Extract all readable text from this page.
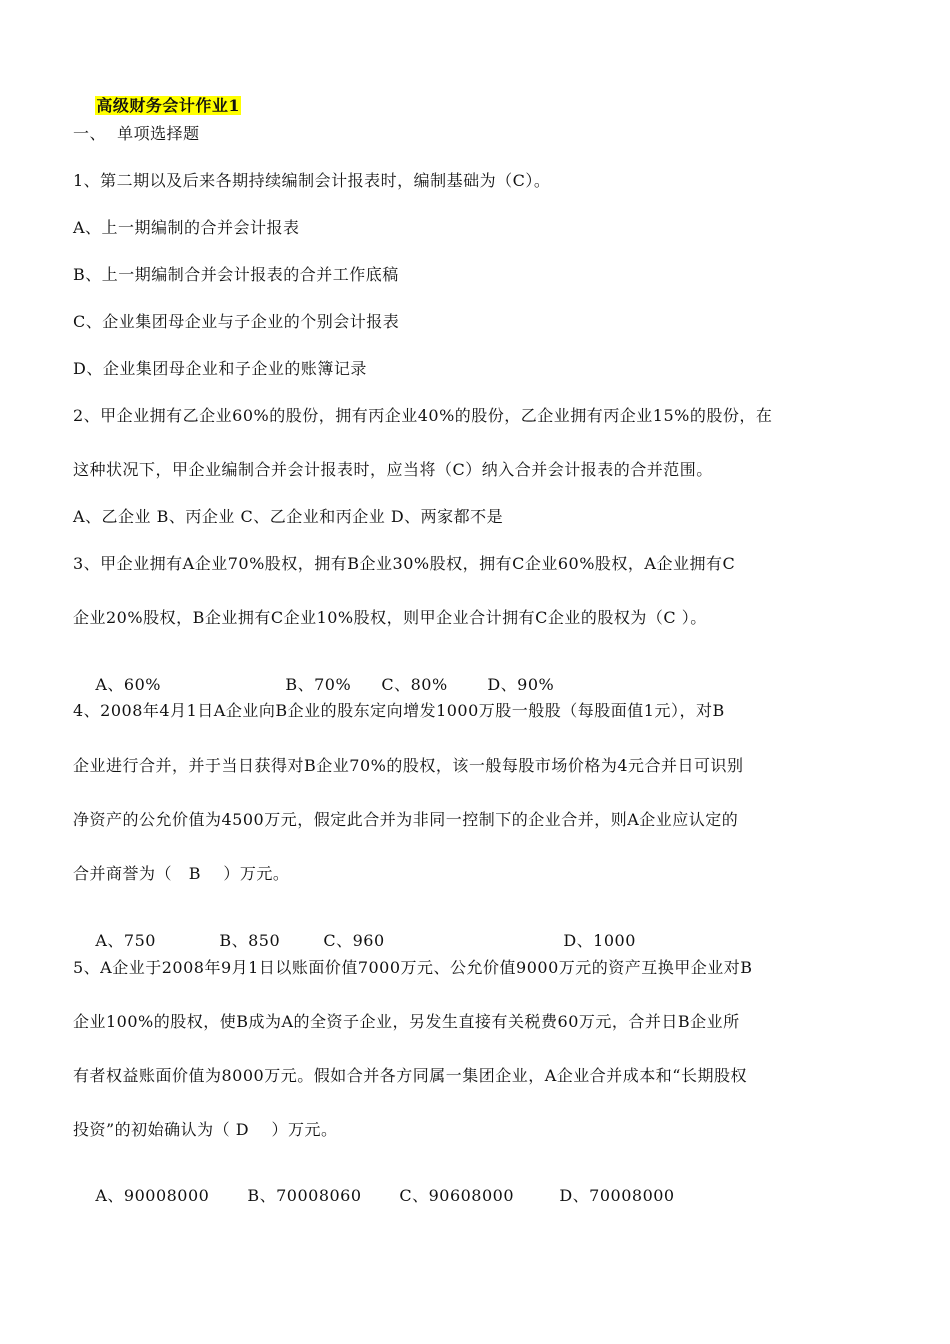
高级财务会计作业1

一、  单项选择题
1、第二期以及后来各期持续编制会计报表时，编制基础为（C）。
A、上一期编制的合并会计报表
B、上一期编制合并会计报表的合并工作底稿
C、企业集团母企业与子企业的个别会计报表
D、企业集团母企业和子企业的账簿记录
2、甲企业拥有乙企业60%的股份，拥有丙企业40%的股份，乙企业拥有丙企业15%的股份，在
这种状况下，甲企业编制合并会计报表时，应当将（C）纳入合并会计报表的合并范围。
A、乙企业 B、丙企业 C、乙企业和丙企业 D、两家都不是
3、甲企业拥有A企业70%股权，拥有B企业30%股权，拥有C企业60%股权，A企业拥有C
企业20%股权，B企业拥有C企业10%股权，则甲企业合计拥有C企业的股权为（C ）。

A、60%	B、70% C、80% D、90%

4、2008年4月1日A企业向B企业的股东定向增发1000万股一般股（每股面值1元），对B
企业进行合并，并于当日获得对B企业70%的股权，该一般每股市场价格为4元合并日可识别
净资产的公允价值为4500万元，假定此合并为非同一控制下的企业合并，则A企业应认定的
合并商誉为（   B    ）万元。

A、750	B、850	C、960	D、1000

5、A企业于2008年9月1日以账面价值7000万元、公允价值9000万元的资产互换甲企业对B
企业100%的股权，使B成为A的全资子企业，另发生直接有关税费60万元，合并日B企业所
有者权益账面价值为8000万元。假如合并各方同属一集团企业，A企业合并成本和“长期股权
投资”的初始确认为（ D    ）万元。

A、90008000 B、70008060 C、90608000	D、70008000
